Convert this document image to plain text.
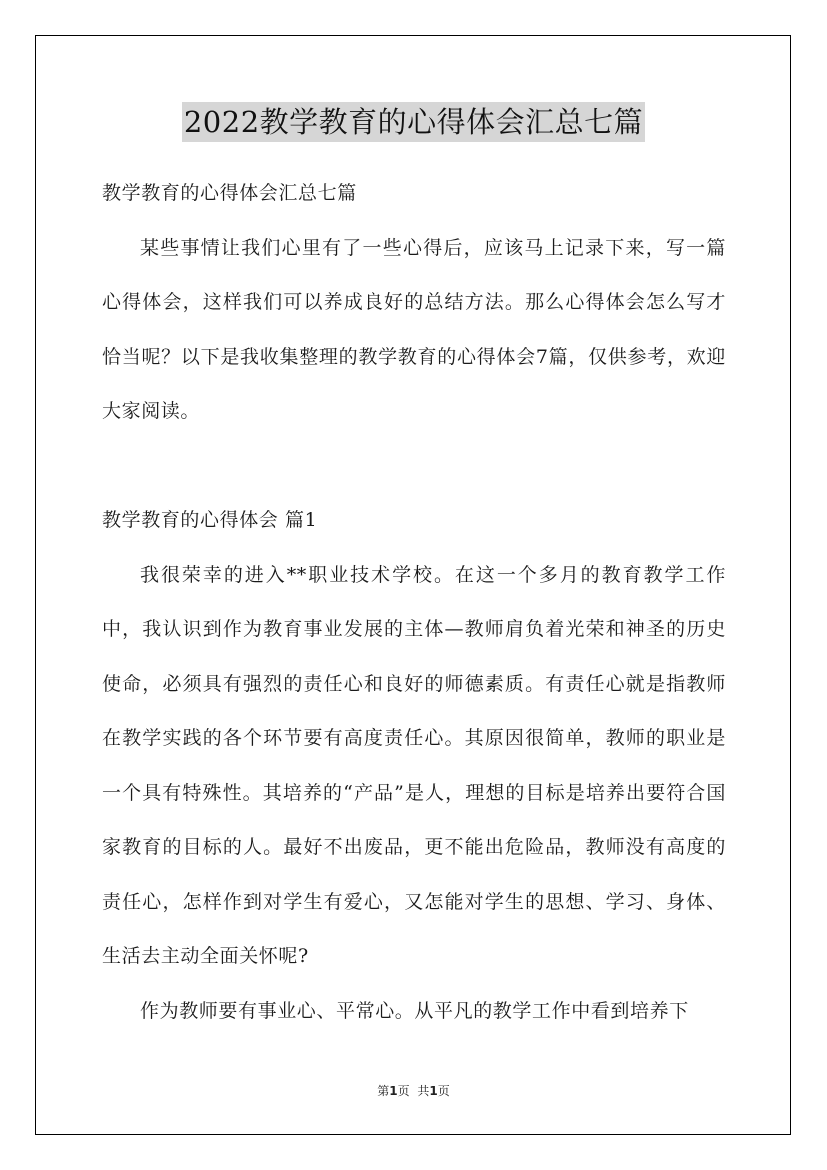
2022教学教育的心得体会汇总七篇

教学教育的心得体会汇总七篇

某些事情让我们心里有了一些心得后，应该马上记录下来，写一篇心得体会，这样我们可以养成良好的总结方法。那么心得体会怎么写才恰当呢？以下是我收集整理的教学教育的心得体会7篇，仅供参考，欢迎大家阅读。

教学教育的心得体会 篇1

我很荣幸的进入**职业技术学校。在这一个多月的教育教学工作中，我认识到作为教育事业发展的主体—教师肩负着光荣和神圣的历史使命，必须具有强烈的责任心和良好的师德素质。有责任心就是指教师在教学实践的各个环节要有高度责任心。其原因很简单，教师的职业是一个具有特殊性。其培养的“产品”是人，理想的目标是培养出要符合国家教育的目标的人。最好不出废品，更不能出危险品，教师没有高度的责任心，怎样作到对学生有爱心，又怎能对学生的思想、学习、身体、生活去主动全面关怀呢?

作为教师要有事业心、平常心。从平凡的教学工作中看到培养下

第1页 共1页
